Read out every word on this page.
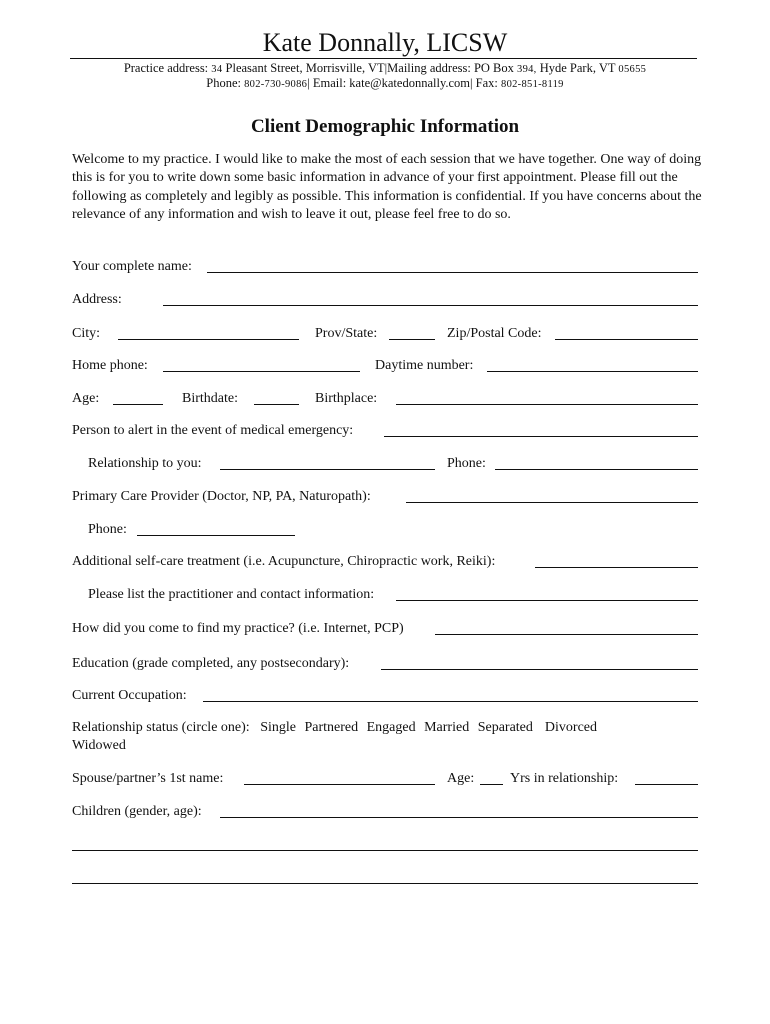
Kate Donnally, LICSW
Practice address: 34 Pleasant Street, Morrisville, VT|Mailing address: PO Box 394, Hyde Park, VT 05655
Phone: 802-730-9086| Email: kate@katedonnally.com| Fax: 802-851-8119
Client Demographic Information
Welcome to my practice. I would like to make the most of each session that we have together. One way of doing this is for you to write down some basic information in advance of your first appointment. Please fill out the following as completely and legibly as possible. This information is confidential. If you have concerns about the relevance of any information and wish to leave it out, please feel free to do so.
Your complete name:
Address:
City:	Prov/State:	Zip/Postal Code:
Home phone:	Daytime number:
Age:	Birthdate:	Birthplace:
Person to alert in the event of medical emergency:
Relationship to you:	Phone:
Primary Care Provider (Doctor, NP, PA, Naturopath):
Phone:
Additional self-care treatment (i.e. Acupuncture, Chiropractic work, Reiki):
Please list the practitioner and contact information:
How did you come to find my practice? (i.e. Internet, PCP)
Education (grade completed, any postsecondary):
Current Occupation:
Relationship status (circle one): Single Partnered Engaged Married Separated Divorced
Widowed
Spouse/partner’s 1st name:	Age:	Yrs in relationship:
Children (gender, age):
